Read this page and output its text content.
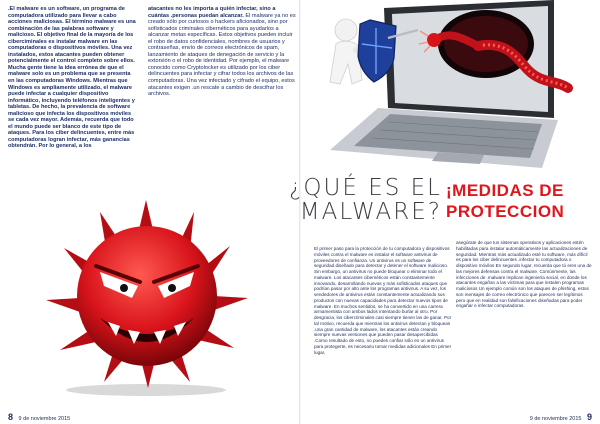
.El malware es un software, un programa de computadora utilizado para llevar a cabo acciones maliciosas. El término malware es una combinación de las palabras software y malicioso. El objetivo final de la mayoría de los ciberciminales es instalar malware en las computadoras o dispositivos móviles. Una vez instalados, estos atacantes pueden obtener potencialmente el control completo sobre ellos. Mucha gente tiene la idea errónea de que el malware solo es un problema que se presenta en las computadoras Windows. Mientras que Windows es ampliamente utilizado, el malware puede infectar a cualquier dispositivo informático, incluyendo teléfonos inteligentes y tabletas. De hecho, la prevalencia de software malicioso que infecta los dispositivos móviles se cada vez mayor. Además, recuerda que todo el mundo puede ser blanco de este tipo de ataques. Para los ciber delincuentes, entre más computadoras logran infectar, más ganancias obtendrán. Por lo general, a los
atacantes no les importa a quién infectar, sino a cuántas .personas puedan alcanzar. El malware ya no es creado sólo por curiosos o hackers aficionados, sino por sofisticados criminales cibernéticos para ayudarlos a alcanzar metas específicas. Estos objetivos pueden incluir el robo de datos confidenciales, nombres de usuarios y contraseñas, envío de correos electrónicos de spam, lanzamiento de ataques de denegación de servicio y la extorsión o el robo de identidad. Por ejemplo, el malware conocido como Cryptolocker es utilizado por los ciber delincuentes para infectar y cifrar todos los archivos de las computadoras. Una vez infectado y cifrado el equipo, estos atacantes exigen .un rescate a cambio de descifrar los archivos.
¿QUÉ ES EL MALWARE?
¡MEDIDAS DE PROTECCION
El primer paso para la protección de tu computadora y dispositivos móviles contra el malware es instalar el software antivirus de proveedores de confianza. Un antivirus es un software de seguridad diseñado para detectar y detener el software malicioso. Sin embargo, un antivirus no puede bloquear o eliminar todo el malware. Los atacantes cibernéticos están constantemente innovando, desarrollando nuevas y más sofisticados ataques que podrían pasar por alto ante los programas antivirus. A su vez, los vendedores de antivirus están constantemente actualizando sus productos con nuevas capacidades para detectar nuevos tipos de malware. En muchos sentidos, se ha convertido en una carrera armamentista con ambos lados intentando burlar al otro. Por desgracia, los cibercriminales casi siempre tienen las de ganar. Por tal motivo, recuerda que mientras los antivirus detectan y bloquean .una gran cantidad de malware, los atacantes están creando siempre nuevas versiones que pueden pasar desapercibidas .Como resultado de esto, no puedes confiar sólo en un antivirus para protegerte, es necesario tomar medidas adicionales En primer lugar,
asegúrate de que tus sistemas operativos y aplicaciones estén habilitadas para instalar automáticamente las actualizaciones de seguridad. Mientras más actualizado esté tu software, más difícil es para los ciber delincuentes .infectar tu computadora o dispositivo móvilos En segundo lugar, recuerda que tú eres una de las mejores defensas contra el malware. Comúnmente, las infecciones de .malware implican ingeniería social, en donde los atacantes engañan a las víctimas para que instalen programas maliciosos Un ejemplo común son los ataques de phishing, estos son mensajes de correo electrónico que parecen ser legítimos pero que en realidad son falsificaciones diseñadas para poder engañar e infectar computadoras.
8 9 de noviembre 2015	9 de noviembre 2015 9
